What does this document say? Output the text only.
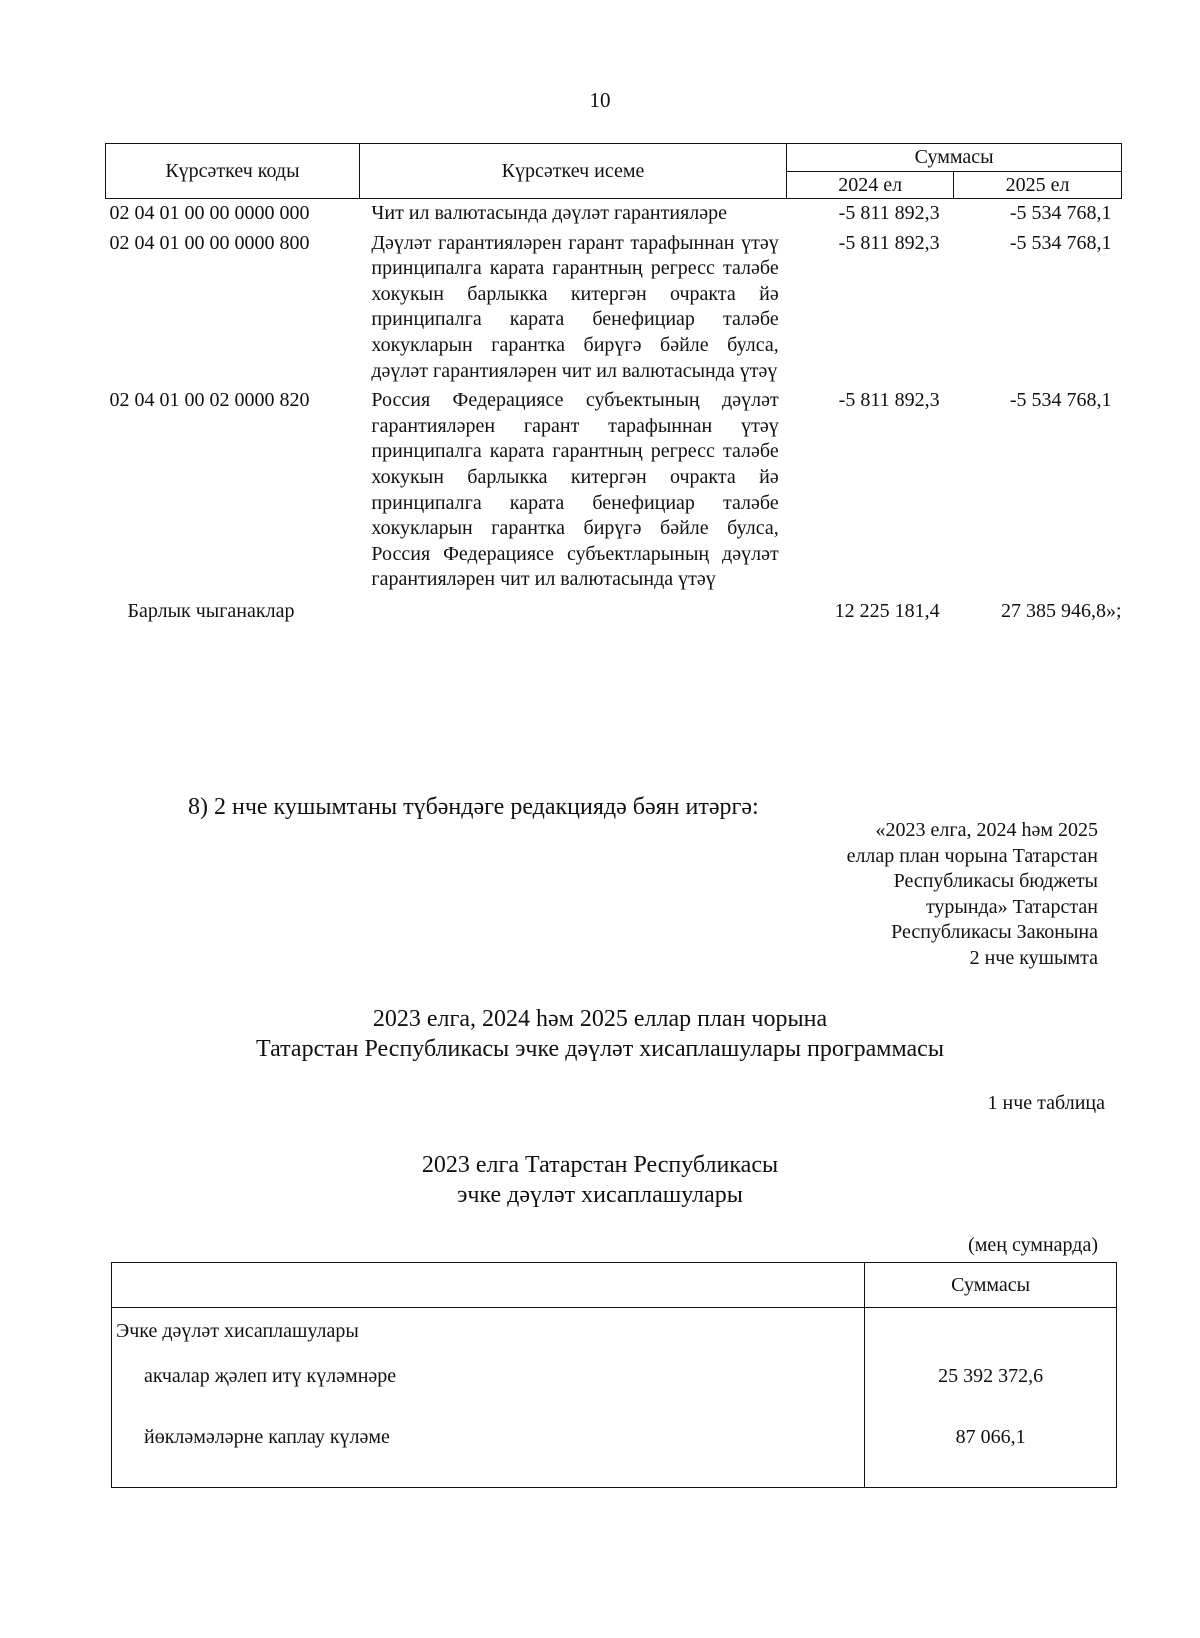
10
Күрсәткеч коды	Күрсәткеч исеме	Суммасы	
		2024 ел	2025 ел
02 04 01 00 00 0000 000	Чит ил валютасында дәүләт гарантияләре	-5 811 892,3	-5 534 768,1
02 04 01 00 00 0000 800	Дәүләт гарантияләрен гарант тарафыннан үтәү принципалга карата гарантның регресс таләбе хокукын барлыкка китергән очракта йә принципалга карата бенефициар таләбе хокукларын гарантка бирүгә бәйле булса, дәүләт гарантияләрен чит ил валютасында үтәү	-5 811 892,3	-5 534 768,1
02 04 01 00 02 0000 820	Россия Федерациясе субъектының дәүләт гарантияләрен гарант тарафыннан үтәү принципалга карата гарантның регресс таләбе хокукын барлыкка китергән очракта йә принципалга карата бенефициар таләбе хокукларын гарантка бирүгә бәйле булса, Россия Федерациясе субъектларының дәүләт гарантияләрен чит ил валютасында үтәү	-5 811 892,3	-5 534 768,1
Барлык чыганаклар		12 225 181,4	27 385 946,8»;
8) 2 нче кушымтаны түбәндәге редакциядә бәян итәргә:
«2023 елга, 2024 һәм 2025
еллар план чорына Татарстан
Республикасы бюджеты
турында» Татарстан
Республикасы Законына
2 нче кушымта
2023 елга, 2024 һәм 2025 еллар план чорына
Татарстан Республикасы эчке дәүләт хисаплашулары программасы
1 нче таблица
2023 елга Татарстан Республикасы
эчке дәүләт хисаплашулары
(мең сумнарда)
	Суммасы
Эчке дәүләт хисаплашулары	
акчалар җәлеп итү күләмнәре	25 392 372,6
йөкләмәләрне каплау күләме	87 066,1
